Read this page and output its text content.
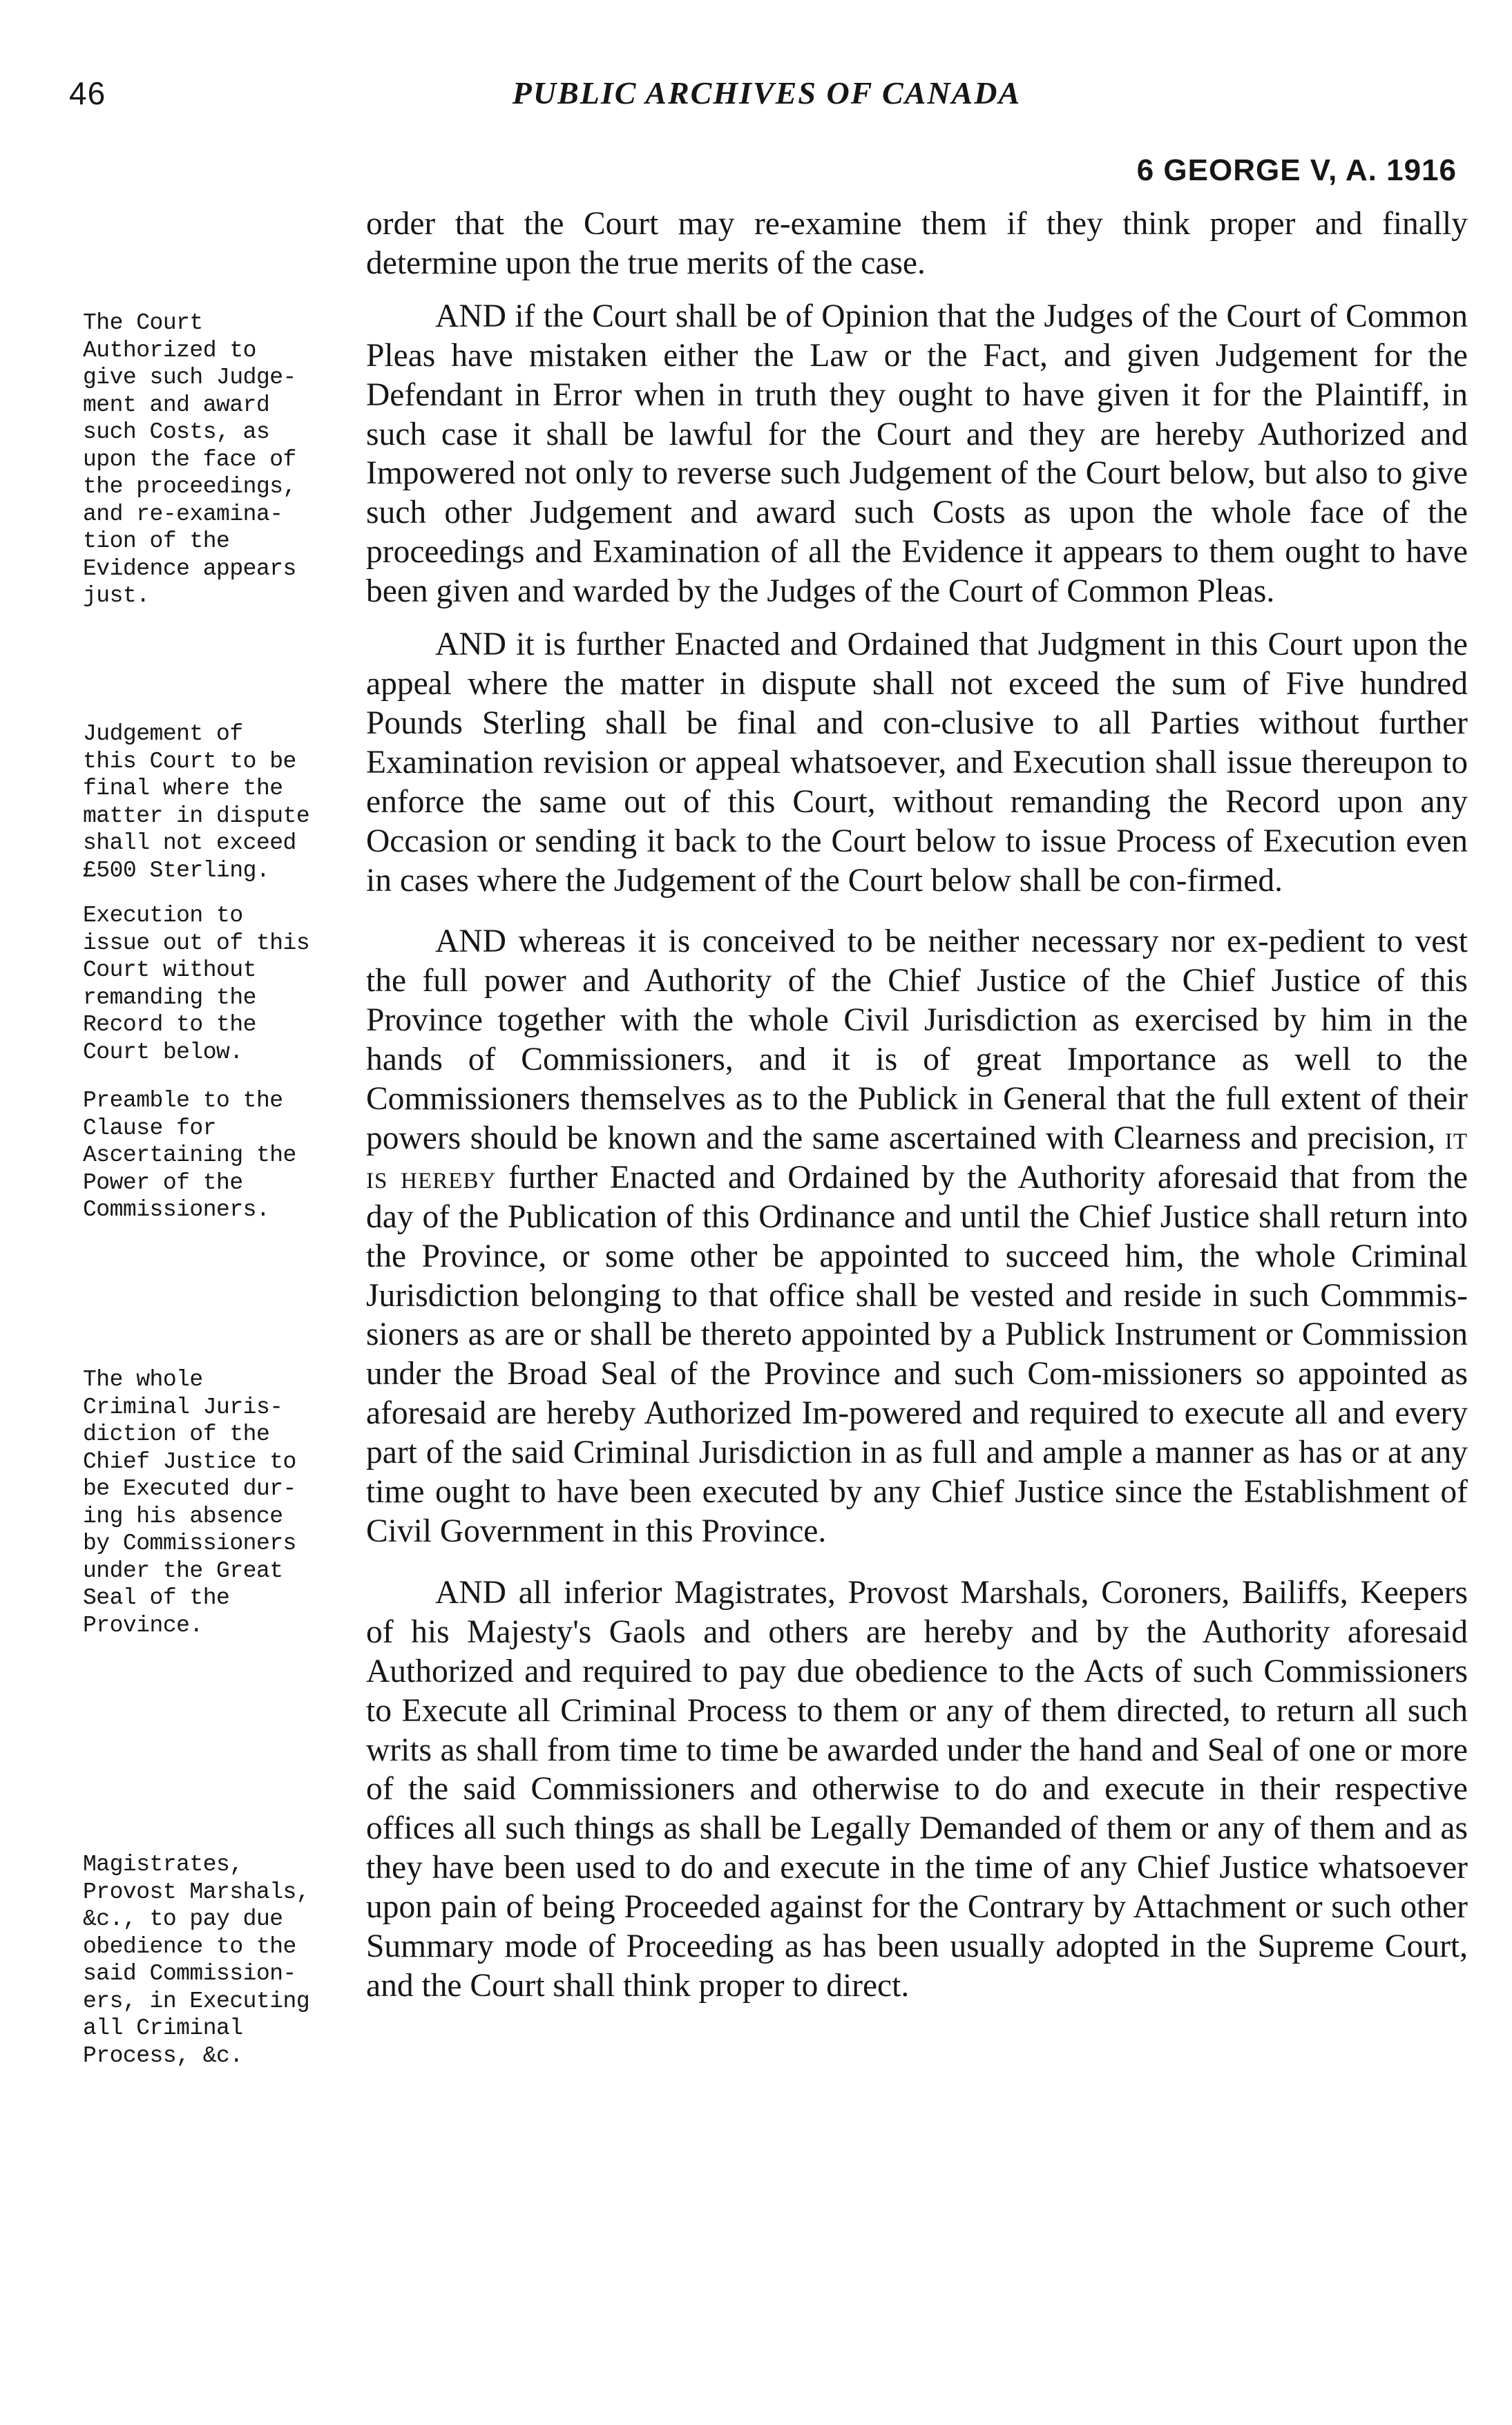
46	PUBLIC ARCHIVES OF CANADA
6 GEORGE V, A. 1916
The Court
Authorized to
give such Judge-
ment and award
such Costs, as
upon the face of
the proceedings,
and re-examina-
tion of the
Evidence appears
just.
Judgement of
this Court to be
final where the
matter in dispute
shall not exceed
£500 Sterling.
Execution to
issue out of this
Court without
remanding the
Record to the
Court below.
Preamble to the
Clause for
Ascertaining the
Power of the
Commissioners.
The whole
Criminal Juris-
diction of the
Chief Justice to
be Executed dur-
ing his absence
by Commissioners
under the Great
Seal of the
Province.
Magistrates,
Provost Marshals,
&c., to pay due
obedience to the
said Commission-
ers, in Executing
all Criminal
Process, &c.

order that the Court may re-examine them if they think proper and finally determine upon the true merits of the case.

AND if the Court shall be of Opinion that the Judges of the Court of Common Pleas have mistaken either the Law or the Fact, and given Judgement for the Defendant in Error when in truth they ought to have given it for the Plaintiff, in such case it shall be lawful for the Court and they are hereby Authorized and Impowered not only to reverse such Judgement of the Court below, but also to give such other Judgement and award such Costs as upon the whole face of the proceedings and Examination of all the Evidence it appears to them ought to have been given and warded by the Judges of the Court of Common Pleas.

AND it is further Enacted and Ordained that Judgment in this Court upon the appeal where the matter in dispute shall not exceed the sum of Five hundred Pounds Sterling shall be final and con-clusive to all Parties without further Examination revision or appeal whatsoever, and Execution shall issue thereupon to enforce the same out of this Court, without remanding the Record upon any Occasion or sending it back to the Court below to issue Process of Execution even in cases where the Judgement of the Court below shall be con-firmed.

AND whereas it is conceived to be neither necessary nor ex-pedient to vest the full power and Authority of the Chief Justice of the Chief Justice of this Province together with the whole Civil Jurisdiction as exercised by him in the hands of Commissioners, and it is of great Importance as well to the Commissioners themselves as to the Publick in General that the full extent of their powers should be known and the same ascertained with Clearness and precision, it is hereby further Enacted and Ordained by the Authority aforesaid that from the day of the Publication of this Ordinance and until the Chief Justice shall return into the Province, or some other be appointed to succeed him, the whole Criminal Jurisdiction belonging to that office shall be vested and reside in such Commmis-sioners as are or shall be thereto appointed by a Publick Instrument or Commission under the Broad Seal of the Province and such Com-missioners so appointed as aforesaid are hereby Authorized Im-powered and required to execute all and every part of the said Criminal Jurisdiction in as full and ample a manner as has or at any time ought to have been executed by any Chief Justice since the Establishment of Civil Government in this Province.

AND all inferior Magistrates, Provost Marshals, Coroners, Bailiffs, Keepers of his Majesty's Gaols and others are hereby and by the Authority aforesaid Authorized and required to pay due obedience to the Acts of such Commissioners to Execute all Criminal Process to them or any of them directed, to return all such writs as shall from time to time be awarded under the hand and Seal of one or more of the said Commissioners and otherwise to do and execute in their respective offices all such things as shall be Legally Demanded of them or any of them and as they have been used to do and execute in the time of any Chief Justice whatsoever upon pain of being Proceeded against for the Contrary by Attachment or such other Summary mode of Proceeding as has been usually adopted in the Supreme Court, and the Court shall think proper to direct.
